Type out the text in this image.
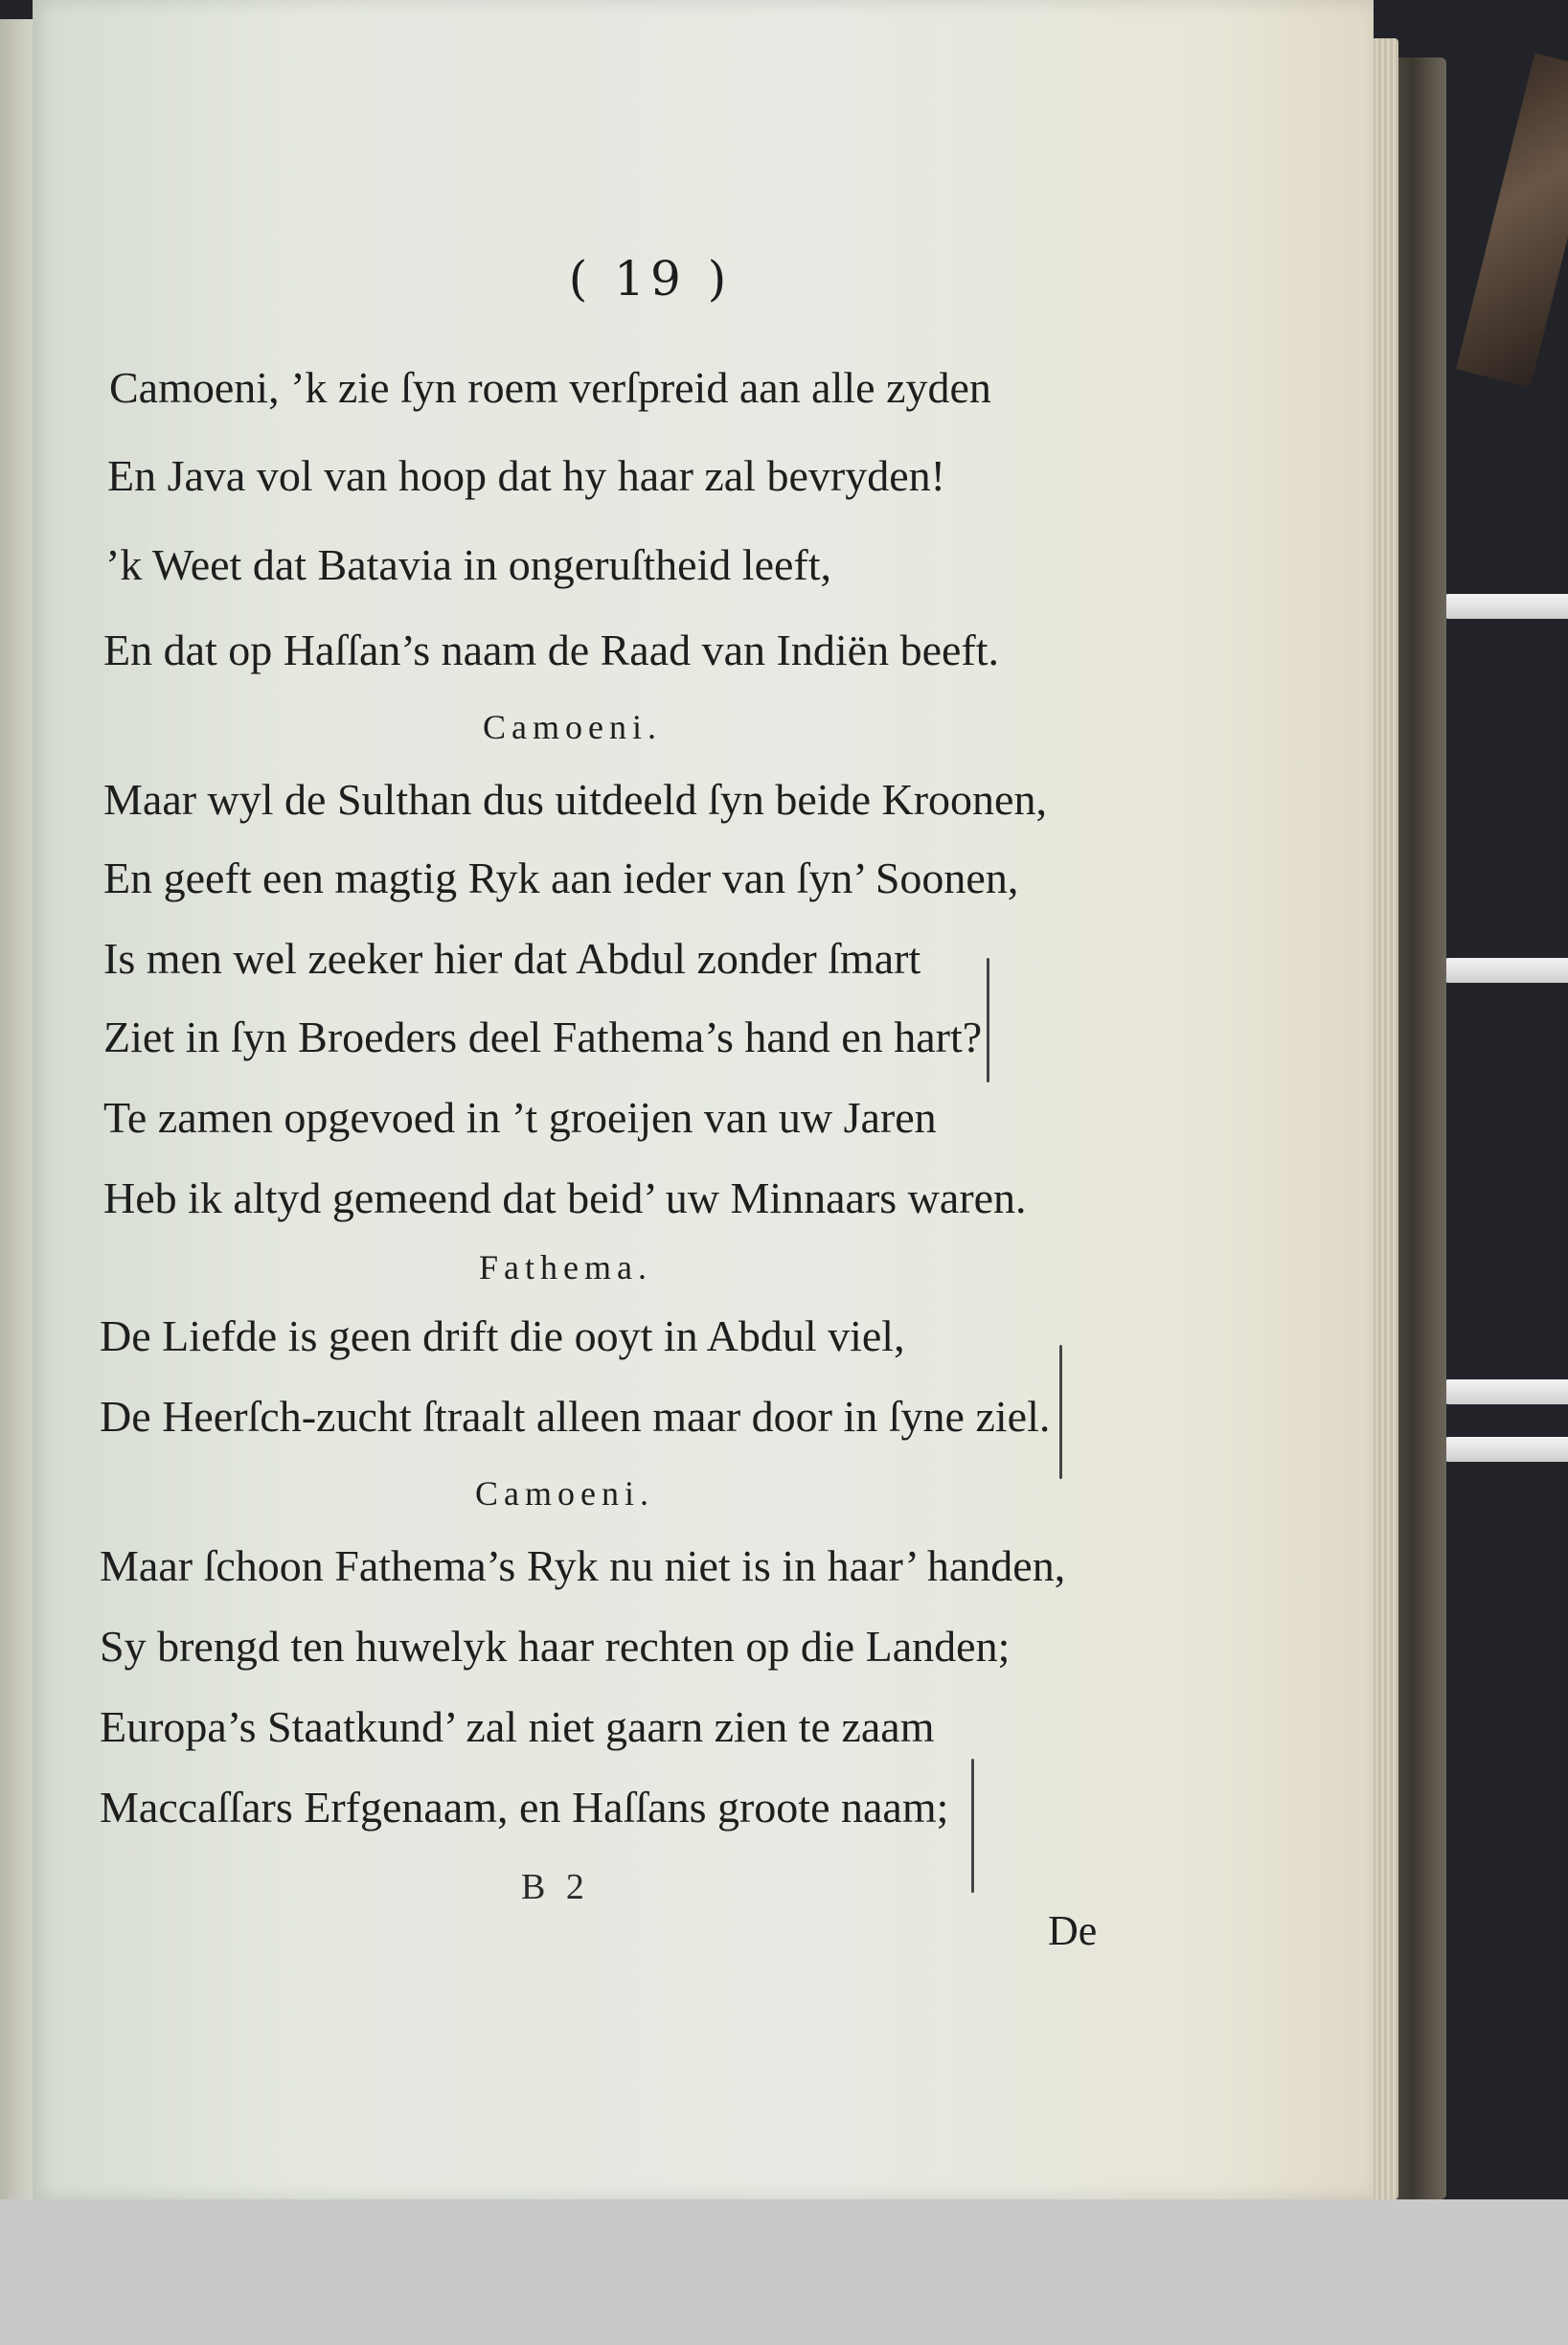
( 19 )
Camoeni, ’k zie ſyn roem verſpreid aan alle zyden
En Java vol van hoop dat hy haar zal bevryden!
’k Weet dat Batavia in ongeruſtheid leeft,
En dat op Haſſan’s naam de Raad van Indiën beeft.
Camoeni.
Maar wyl de Sulthan dus uitdeeld ſyn beide Kroonen,
En geeft een magtig Ryk aan ieder van ſyn’ Soonen,
Is men wel zeeker hier dat Abdul zonder ſmart
Ziet in ſyn Broeders deel Fathema’s hand en hart?
Te zamen opgevoed in ’t groeijen van uw Jaren
Heb ik altyd gemeend dat beid’ uw Minnaars waren.
Fathema.
De Liefde is geen drift die ooyt in Abdul viel,
De Heerſch-zucht ſtraalt alleen maar door in ſyne ziel.
Camoeni.
Maar ſchoon Fathema’s Ryk nu niet is in haar’ handen,
Sy brengd ten huwelyk haar rechten op die Landen;
Europa’s Staatkund’ zal niet gaarn zien te zaam
Maccaſſars Erfgenaam, en Haſſans groote naam;
B 2
De
